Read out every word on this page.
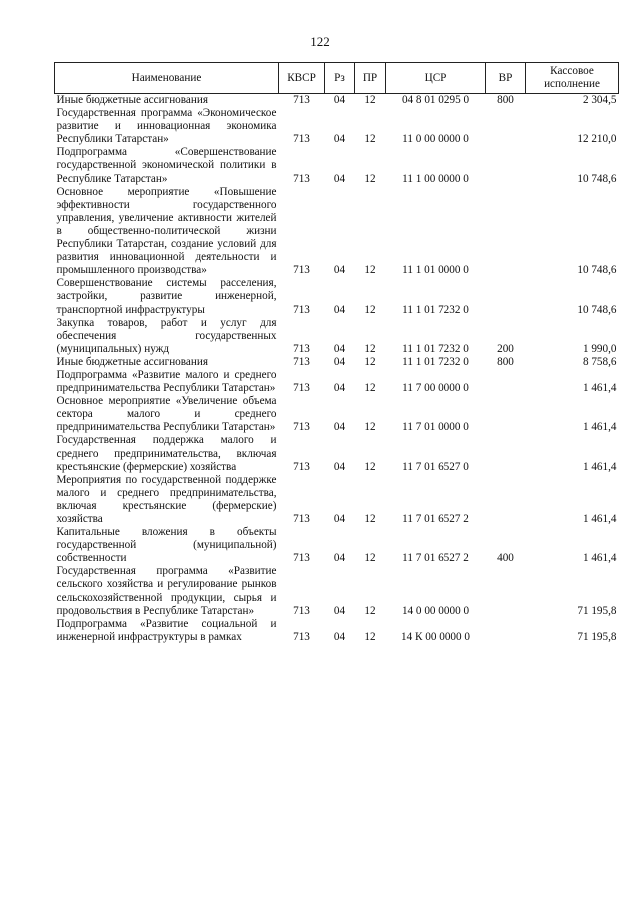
122
Наименование	КВСР	Рз	ПР	ЦСР	ВР	Кассовое исполнение
Иные бюджетные ассигнования	713	04	12	04 8 01 0295 0	800	2 304,5
Государственная программа «Экономическое развитие и инновационная экономика Республики Татарстан»	713	04	12	11 0 00 0000 0		12 210,0
Подпрограмма «Совершенствование государственной экономической политики в Республике Татарстан»	713	04	12	11 1 00 0000 0		10 748,6
Основное мероприятие «Повышение эффективности государственного управления, увеличение активности жителей в общественно-политической жизни Республики Татарстан, создание условий для развития инновационной деятельности и промышленного производства»	713	04	12	11 1 01 0000 0		10 748,6
Совершенствование системы расселения, застройки, развитие инженерной, транспортной инфраструктуры	713	04	12	11 1 01 7232 0		10 748,6
Закупка товаров, работ и услуг для обеспечения государственных (муниципальных) нужд	713	04	12	11 1 01 7232 0	200	1 990,0
Иные бюджетные ассигнования	713	04	12	11 1 01 7232 0	800	8 758,6
Подпрограмма «Развитие малого и среднего предпринимательства Республики Татарстан»	713	04	12	11 7 00 0000 0		1 461,4
Основное мероприятие «Увеличение объема сектора малого и среднего предпринимательства Республики Татарстан»	713	04	12	11 7 01 0000 0		1 461,4
Государственная поддержка малого и среднего предпринимательства, включая крестьянские (фермерские) хозяйства	713	04	12	11 7 01 6527 0		1 461,4
Мероприятия по государственной поддержке малого и среднего предпринимательства, включая крестьянские (фермерские) хозяйства	713	04	12	11 7 01 6527 2		1 461,4
Капитальные вложения в объекты государственной (муниципальной) собственности	713	04	12	11 7 01 6527 2	400	1 461,4
Государственная программа «Развитие сельского хозяйства и регулирование рынков сельскохозяйственной продукции, сырья и продовольствия в Республике Татарстан»	713	04	12	14 0 00 0000 0		71 195,8
Подпрограмма «Развитие социальной и инженерной инфраструктуры в рамках	713	04	12	14 К 00 0000 0		71 195,8
